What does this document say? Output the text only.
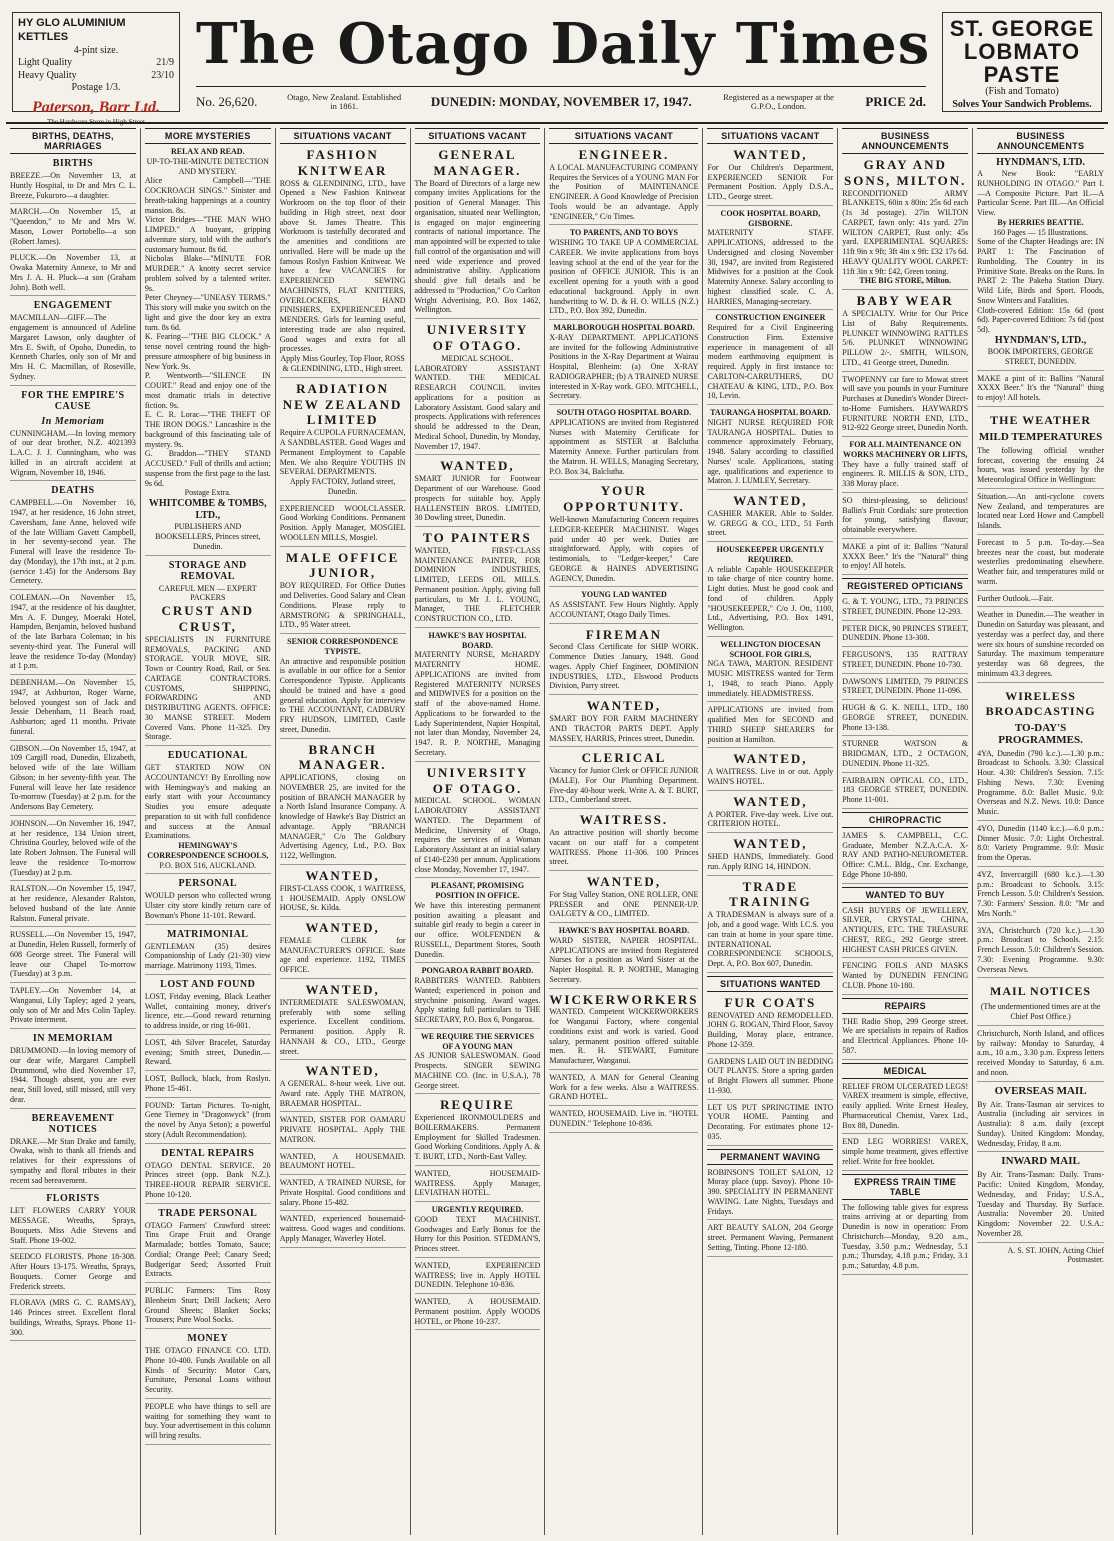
HY GLO ALUMINIUM KETTLES
4-pint size.
Light Quality	21/9
Heavy Quality	23/10
Postage 1/3.
Paterson, Barr Ltd.
The Hardware Store in High Street
The Otago Daily Times
No. 26,620.	Otago, New Zealand. Established in 1861.	DUNEDIN: MONDAY, NOVEMBER 17, 1947.	Registered as a newspaper at the G.P.O., London.	PRICE 2d.
ST. GEORGE
LOBMATO
PASTE
(Fish and Tomato)
Solves Your Sandwich Problems.
BIRTHS, DEATHS, MARRIAGES
BIRTHS
BREEZE.—On November 13, at Huntly Hospital, to Dr and Mrs C. L. Breeze, Fukuroro—a daughter.
MARCH.—On November 15, at "Queendon," to Mr and Mrs W. Mason, Lower Portobello—a son (Robert James).
PLUCK.—On November 13, at Owaka Maternity Annexe, to Mr and Mrs J. A. H. Pluck—a son (Graham John). Both well.
ENGAGEMENT
MACMILLAN—GIFF.—The engagement is announced of Adeline Margaret Lawson, only daughter of Mrs E. Swift, of Opoho, Dunedin, to Kenneth Charles, only son of Mr and Mrs H. C. Macmillan, of Roseville, Sydney.
FOR THE EMPIRE'S CAUSE
In Memoriam
CUNNINGHAM.—In loving memory of our dear brother, N.Z. 4021393 L.A.C. J. J. Cunningham, who was killed in an aircraft accident at Wigram, November 18, 1946.
DEATHS
CAMPBELL.—On November 16, 1947, at her residence, 16 John street, Caversham, Jane Anne, beloved wife of the late William Gavett Campbell, in her seventy-second year. The Funeral will leave the residence To-day (Monday), the 17th inst., at 2 p.m. (service 1.45) for the Andersons Bay Cemetery.
COLEMAN.—On November 15, 1947, at the residence of his daughter, Mrs A. F. Dungey, Moeraki Hotel, Hampden, Benjamin, beloved husband of the late Barbara Coleman; in his seventy-third year. The Funeral will leave the residence To-day (Monday) at 1 p.m.
DEBENHAM.—On November 15, 1947, at Ashburton, Roger Warne, beloved youngest son of Jack and Jessie Debenham, 11 Beach road, Ashburton; aged 11 months. Private funeral.
GIBSON.—On November 15, 1947, at 109 Cargill road, Dunedin, Elizabeth, beloved wife of the late William Gibson; in her seventy-fifth year. The Funeral will leave her late residence To-morrow (Tuesday) at 2 p.m. for the Andersons Bay Cemetery.
JOHNSON.—On November 16, 1947, at her residence, 134 Union street, Christina Gourley, beloved wife of the late Robert Johnson. The Funeral will leave the residence To-morrow (Tuesday) at 2 p.m.
RALSTON.—On November 15, 1947, at her residence, Alexander Ralston, beloved husband of the late Annie Ralston. Funeral private.
RUSSELL.—On November 15, 1947, at Dunedin, Helen Russell, formerly of 608 George street. The Funeral will leave our Chapel To-morrow (Tuesday) at 3 p.m.
TAPLEY.—On November 14, at Wanganui, Lily Tapley; aged 2 years, only son of Mr and Mrs Colin Tapley. Private interment.
IN MEMORIAM
DRUMMOND.—In loving memory of our dear wife, Margaret Campbell Drummond, who died November 17, 1944. Though absent, you are ever near, Still loved, still missed, still very dear.
BEREAVEMENT NOTICES
DRAKE.—Mr Stan Drake and family, Owaka, wish to thank all friends and relatives for their expressions of sympathy and floral tributes in their recent sad bereavement.
FLORISTS
LET FLOWERS CARRY YOUR MESSAGE. Wreaths, Sprays, Bouquets. Miss Adie Stevens and Staff. Phone 19-002.
SEEDCO FLORISTS. Phone 18-308. After Hours 13-175. Wreaths, Sprays, Bouquets. Corner George and Frederick streets.
FLORAVA (MRS G. C. RAMSAY), 146 Princes street. Excellent floral buildings, Wreaths, Sprays. Phone 11-300.
MORE MYSTERIES
RELAX AND READ.
UP-TO-THE-MINUTE DETECTION AND MYSTERY.
Alice Campbell—"THE COCKROACH SINGS." Sinister and breath-taking happenings at a country mansion. 8s.
Victor Bridges—"THE MAN WHO LIMPED." A buoyant, gripping adventure story, told with the author's customary humour. 8s 6d.
Nicholas Blake—"MINUTE FOR MURDER." A knotty secret service problem solved by a talented writer. 9s.
Peter Cheyney—"UNEASY TERMS." This story will make you switch on the light and give the door key an extra turn. 8s 6d.
K. Fearing—"THE BIG CLOCK." A tense novel centring round the high-pressure atmosphere of big business in New York. 9s.
P. Wentworth—"SILENCE IN COURT." Read and enjoy one of the most dramatic trials in detective fiction. 9s.
E. C. R. Lorac—"THE THEFT OF THE IRON DOGS." Lancashire is the background of this fascinating tale of mystery. 9s.
G. Braddon—"THEY STAND ACCUSED." Full of thrills and action; suspense from the first page to the last. 9s 6d.
Postage Extra.
WHITCOMBE & TOMBS, LTD.,
PUBLISHERS AND BOOKSELLERS, Princes street, Dunedin.
STORAGE AND REMOVAL
CAREFUL MEN — EXPERT PACKERS
CRUST AND CRUST,
SPECIALISTS IN FURNITURE REMOVALS, PACKING AND STORAGE. YOUR MOVE, SIR. Town or Country Road, Rail, or Sea. CARTAGE CONTRACTORS. CUSTOMS, SHIPPING, FORWARDING AND DISTRIBUTING AGENTS. OFFICE: 30 MANSE STREET. Modern Covered Vans. Phone 11-325. Dry Storage.
EDUCATIONAL
GET STARTED NOW ON ACCOUNTANCY! By Enrolling now with Hemingway's and making an early start with your Accountancy Studies you ensure adequate preparation to sit with full confidence and success at the Annual Examinations.
HEMINGWAY'S CORRESPONDENCE SCHOOLS,
P.O. BOX 516, AUCKLAND.
PERSONAL
WOULD person who collected wrong Ulster city store kindly return care of Bowman's Phone 11-101. Reward.
MATRIMONIAL
GENTLEMAN (35) desires Companionship of Lady (21-30) view marriage. Matrimony 1193, Times.
LOST AND FOUND
LOST, Friday evening, Black Leather Wallet, containing money, driver's licence, etc.—Good reward returning to address inside, or ring 16-001.
LOST, 4th Silver Bracelet, Saturday evening; Smith street, Dunedin.—Reward.
LOST, Bullock, black, from Roslyn. Phone 15-461.
FOUND: Tartan Pictures. To-night, Gene Tierney in "Dragonwyck" (from the novel by Anya Seton); a powerful story (Adult Recommendation).
DENTAL REPAIRS
OTAGO DENTAL SERVICE. 20 Princes street (opp. Bank N.Z.). THREE-HOUR REPAIR SERVICE. Phone 10-120.
TRADE PERSONAL
OTAGO Farmers' Crawford street: Tins Grape Fruit and Orange Marmalade; bottles Tomato, Sauce; Cordial; Orange Peel; Canary Seed; Budgerigar Seed; Assorted Fruit Extracts.
PUBLIC Farmers: Tins Rosy Blenheim Sturt; Drill Jackets; Aero Ground Sheets; Blanket Socks; Trousers; Pure Wool Socks.
MONEY
THE OTAGO FINANCE CO. LTD. Phone 10-400. Funds Available on all Kinds of Security: Motor Cars, Furniture, Personal Loans without Security.
PEOPLE who have things to sell are waiting for something they want to buy. Your advertisement in this column will bring results.
SITUATIONS VACANT
FASHION KNITWEAR
ROSS & GLENDINING, LTD., have Opened a New Fashion Knitwear Workroom on the top floor of their building in High street, next door above St. James Theatre. This Workroom is tastefully decorated and the amenities and conditions are unrivalled. Here will be made up the famous Roslyn Fashion Knitwear. We have a few VACANCIES for EXPERIENCED SEWING MACHINISTS, FLAT KNITTERS, OVERLOCKERS, HAND FINISHERS, EXPERIENCED and MENDERS. Girls for learning useful, interesting trade are also required. Good wages and extra for all processes.
Apply Miss Gourley, Top Floor, ROSS & GLENDINING, LTD., High street.
RADIATION NEW ZEALAND LIMITED
Require A CUPOLA FURNACEMAN, A SANDBLASTER. Good Wages and Permanent Employment to Capable Men. We also Require YOUTHS IN SEVERAL DEPARTMENTS.
Apply FACTORY, Jutland street, Dunedin.
EXPERIENCED WOOLCLASSER. Good Working Conditions. Permanent Position. Apply Manager, MOSGIEL WOOLLEN MILLS, Mosgiel.
MALE OFFICE JUNIOR,
BOY REQUIRED. For Office Duties and Deliveries. Good Salary and Clean Conditions. Please reply to ARMSTRONG & SPRINGHALL, LTD., 95 Water street.
SENIOR CORRESPONDENCE TYPISTE.
An attractive and responsible position is available in our office for a Senior Correspondence Typiste. Applicants should be trained and have a good general education. Apply for interview to THE ACCOUNTANT, CADBURY FRY HUDSON, LIMITED, Castle street, Dunedin.
BRANCH MANAGER.
APPLICATIONS, closing on NOVEMBER 25, are invited for the position of BRANCH MANAGER by a North Island Insurance Company. A knowledge of Hawke's Bay District an advantage. Apply "BRANCH MANAGER," C/o The Goldbury Advertising Agency, Ltd., P.O. Box 1122, Wellington.
WANTED,
FIRST-CLASS COOK, 1 WAITRESS, 1 HOUSEMAID. Apply ONSLOW HOUSE, St. Kilda.
WANTED,
FEMALE CLERK for MANUFACTURER'S OFFICE. State age and experience. 1192, TIMES OFFICE.
WANTED,
INTERMEDIATE SALESWOMAN, preferably with some selling experience. Excellent conditions. Permanent position. Apply R. HANNAH & CO., LTD., George street.
WANTED,
A GENERAL. 8-hour week. Live out. Award rate. Apply THE MATRON, BRAEMAR HOSPITAL.
WANTED, SISTER FOR OAMARU PRIVATE HOSPITAL. Apply THE MATRON.
WANTED, A HOUSEMAID. BEAUMONT HOTEL.
WANTED, A TRAINED NURSE, for Private Hospital. Good conditions and salary. Phone 15-482.
WANTED, experienced housemaid-waitress. Good wages and conditions. Apply Manager, Waverley Hotel.
SITUATIONS VACANT
GENERAL MANAGER.
The Board of Directors of a large new company invites Applications for the position of General Manager. This organisation, situated near Wellington, is engaged on major engineering contracts of national importance. The man appointed will be expected to take full control of the organisation and will need wide experience and proved administrative ability. Applications should give full details and be addressed to "Production," C/o Carlton Wright Advertising, P.O. Box 1462, Wellington.
UNIVERSITY OF OTAGO.
MEDICAL SCHOOL.
LABORATORY ASSISTANT WANTED. THE MEDICAL RESEARCH COUNCIL invites applications for a position as Laboratory Assistant. Good salary and prospects. Applications with references should be addressed to the Dean, Medical School, Dunedin, by Monday, November 17, 1947.
WANTED,
SMART JUNIOR for Footwear Department of our Warehouse. Good prospects for suitable boy. Apply HALLENSTEIN BROS. LIMITED, 30 Dowling street, Dunedin.
TO PAINTERS
WANTED, FIRST-CLASS MAINTENANCE PAINTER, FOR DOMINION INDUSTRIES, LIMITED, LEEDS OIL MILLS. Permanent position. Apply, giving full particulars, to Mr J. L. YOUNG, Manager, THE FLETCHER CONSTRUCTION CO., LTD.
HAWKE'S BAY HOSPITAL BOARD.
MATERNITY NURSE, McHARDY MATERNITY HOME. APPLICATIONS are invited from Registered MATERNITY NURSES and MIDWIVES for a position on the staff of the above-named Home. Applications to be forwarded to the Lady Superintendent, Napier Hospital, not later than Monday, November 24, 1947. R. P. NORTHE, Managing Secretary.
UNIVERSITY OF OTAGO.
MEDICAL SCHOOL. WOMAN LABORATORY ASSISTANT WANTED. The Department of Medicine, University of Otago, requires the services of a Woman Laboratory Assistant at an initial salary of £140-£230 per annum. Applications close Monday, November 17, 1947.
PLEASANT, PROMISING POSITION IN OFFICE.
We have this interesting permanent position awaiting a pleasant and suitable girl ready to begin a career in our office. WOLFENDEN & RUSSELL, Department Stores, South Dunedin.
PONGAROA RABBIT BOARD.
RABBITERS WANTED. Rabbiters Wanted; experienced in poison and strychnine poisoning. Award wages. Apply stating full particulars to THE SECRETARY, P.O. Box 6, Pongaroa.
WE REQUIRE THE SERVICES OF A YOUNG MAN
AS JUNIOR SALESWOMAN. Good Prospects. SINGER SEWING MACHINE CO. (Inc. in U.S.A.), 78 George street.
REQUIRE
Experienced IRONMOULDERS and BOILERMAKERS. Permanent Employment for Skilled Tradesmen. Good Working Conditions. Apply A. & T. BURT, LTD., North-East Valley.
WANTED, HOUSEMAID-WAITRESS. Apply Manager, LEVIATHAN HOTEL.
URGENTLY REQUIRED.
GOOD TEXT MACHINIST. Goodwages and Early Bonus for the Hurry for this Position. STEDMAN'S, Princes street.
WANTED, EXPERIENCED WAITRESS; live in. Apply HOTEL DUNEDIN. Telephone 10-836.
WANTED, A HOUSEMAID. Permanent position. Apply WOODS HOTEL, or Phone 10-237.
SITUATIONS VACANT
ENGINEER.
A LOCAL MANUFACTURING COMPANY Requires the Services of a YOUNG MAN For the Position of MAINTENANCE ENGINEER. A Good Knowledge of Precision Tools would be an advantage. Apply "ENGINEER," C/o Times.
TO PARENTS, AND TO BOYS
WISHING TO TAKE UP A COMMERCIAL CAREER. We invite applications from boys leaving school at the end of the year for the position of OFFICE JUNIOR. This is an excellent opening for a youth with a good educational background. Apply in own handwriting to W. D. & H. O. WILLS (N.Z.) LTD., P.O. Box 392, Dunedin.
MARLBOROUGH HOSPITAL BOARD.
X-RAY DEPARTMENT. APPLICATIONS are invited for the following Administrative Positions in the X-Ray Department at Wairau Hospital, Blenheim: (a) One X-RAY RADIOGRAPHER; (b) A TRAINED NURSE interested in X-Ray work. GEO. MITCHELL, Secretary.
SOUTH OTAGO HOSPITAL BOARD.
APPLICATIONS are invited from Registered Nurses with Maternity Certificate for appointment as SISTER at Balclutha Maternity Annexe. Further particulars from the Matron. H. WELLS, Managing Secretary, P.O. Box 34, Balclutha.
YOUR OPPORTUNITY.
Well-known Manufacturing Concern requires LEDGER-KEEPER MACHINIST. Wages paid under 40 per week. Duties are straightforward. Apply, with copies of testimonials, to "Ledger-keeper," Care GEORGE & HAINES ADVERTISING AGENCY, Dunedin.
YOUNG LAD WANTED
AS ASSISTANT. Few Hours Nightly. Apply ACCOUNTANT, Otago Daily Times.
FIREMAN
Second Class Certificate for SHIP WORK. Commence Duties January, 1948. Good wages. Apply Chief Engineer, DOMINION INDUSTRIES, LTD., Elswood Products Division, Parry street.
WANTED,
SMART BOY FOR FARM MACHINERY AND TRACTOR PARTS DEPT. Apply MASSEY, HARRIS, Princes street, Dunedin.
CLERICAL
Vacancy for Junior Clerk or OFFICE JUNIOR (MALE). For Our Plumbing Department. Five-day 40-hour week. Write A. & T. BURT, LTD., Cumberland street.
WAITRESS.
An attractive position will shortly become vacant on our staff for a competent WAITRESS. Phone 11-306. 100 Princes street.
WANTED,
For Stag Valley Station, ONE ROLLER, ONE PRESSER and ONE PENNER-UP. OALGETY & CO., LIMITED.
HAWKE'S BAY HOSPITAL BOARD.
WARD SISTER, NAPIER HOSPITAL. APPLICATIONS are invited from Registered Nurses for a position as Ward Sister at the Napier Hospital. R. P. NORTHE, Managing Secretary.
WICKERWORKERS
WANTED. Competent WICKERWORKERS for Wanganui Factory, where congenial conditions exist and work is varied. Good salary, permanent position offered suitable men. R. H. STEWART, Furniture Manufacturer, Wanganui.
WANTED, A MAN for General Cleaning Work for a few weeks. Also a WAITRESS. GRAND HOTEL.
WANTED, HOUSEMAID. Live in. "HOTEL DUNEDIN." Telephone 10-836.
SITUATIONS VACANT
WANTED,
For Our Children's Department, EXPERIENCED SENIOR For Permanent Position. Apply D.S.A., LTD., George street.
COOK HOSPITAL BOARD, GISBORNE.
MATERNITY STAFF. APPLICATIONS, addressed to the Undersigned and closing November 30, 1947, are invited from Registered Midwives for a position at the Cook Maternity Annexe. Salary according to highest classified scale. C. A. HARRIES, Managing-secretary.
CONSTRUCTION ENGINEER
Required for a Civil Engineering Construction Firm. Extensive experience in management of all modern earthmoving equipment is required. Apply in first instance to: CARLTON-CARRUTHERS, DU CHATEAU & KING, LTD., P.O. Box 10, Levin.
TAURANGA HOSPITAL BOARD.
NIGHT NURSE REQUIRED FOR TAURANGA HOSPITAL. Duties to commence approximately February, 1948. Salary according to classified Nurses' scale. Applications, stating age, qualifications and experience to Matron. J. LUMLEY, Secretary.
WANTED,
CASHIER MAKER. Able to Solder. W. GREGG & CO., LTD., 51 Forth street.
HOUSEKEEPER URGENTLY REQUIRED.
A reliable Capable HOUSEKEEPER to take charge of nice country home. Light duties. Must be good cook and fond of children. Apply "HOUSEKEEPER," C/o J. Ott, 1100, Ltd., Advertising, P.O. Box 1491, Wellington.
WELLINGTON DIOCESAN SCHOOL FOR GIRLS,
NGA TAWA, MARTON. RESIDENT MUSIC MISTRESS wanted for Term 1, 1948, to teach Piano. Apply immediately. HEADMISTRESS.
APPLICATIONS are invited from qualified Men for SECOND and THIRD SHEEP SHEARERS for position at Hamilton.
WANTED,
A WAITRESS. Live in or out. Apply WAIN'S HOTEL.
WANTED,
A PORTER. Five-day week. Live out. CRITERION HOTEL.
WANTED,
SHED HANDS, Immediately. Good run. Apply RING 14, HINDON.
TRADE TRAINING
A TRADESMAN is always sure of a job, and a good wage. With I.C.S. you can train at home in your spare time. INTERNATIONAL CORRESPONDENCE SCHOOLS, Dept. A, P.O. Box 607, Dunedin.
SITUATIONS WANTED
FUR COATS
RENOVATED AND REMODELLED. JOHN G. ROGAN, Third Floor, Savoy Building, Moray place, entrance. Phone 12-359.
GARDENS LAID OUT IN BEDDING OUT PLANTS. Store a spring garden of Bright Flowers all summer. Phone 11-930.
LET US PUT SPRINGTIME INTO YOUR HOME. Painting and Decorating. For estimates phone 12-035.
PERMANENT WAVING
ROBINSON'S TOILET SALON, 12 Moray place (upp. Savoy). Phone 10-390. SPECIALITY IN PERMANENT WAVING. Late Nights, Tuesdays and Fridays.
ART BEAUTY SALON, 204 George street. Permanent Waving, Permanent Setting, Tinting. Phone 12-180.
BUSINESS ANNOUNCEMENTS
GRAY AND SONS, MILTON.
RECONDITIONED ARMY BLANKETS, 60in x 80in: 25s 6d each (1s 3d postage). 27in WILTON CARPET, fawn only: 41s yard. 27in WILTON CARPET, Rust only: 45s yard. EXPERIMENTAL SQUARES: 11ft 9in x 9ft; 3ft 4in x 9ft: £32 17s 6d. HEAVY QUALITY WOOL CARPET: 11ft 3in x 9ft: £42, Green toning.
THE BIG STORE, Milton.
BABY WEAR
A SPECIALTY. Write for Our Price List of Baby Requirements. PLUNKET WINNOWING RATTLES 5/6. PLUNKET WINNOWING PILLOW 2/-. SMITH, WILSON, LTD., 41 George street, Dunedin.
TWOPENNY car fare to Mowat street will save you pounds in your Furniture Purchases at Dunedin's Wonder Direct-to-Home Furnishers. HAYWARD'S FURNITURE NORTH END, LTD., 912-922 George street, Dunedin North.
FOR ALL MAINTENANCE ON WORKS MACHINERY OR LIFTS,
They have a fully trained staff of engineers. R. MILLIS & SON, LTD., 338 Moray place.
SO thirst-pleasing, so delicious! Ballin's Fruit Cordials: sure protection for young, satisfying flavour; obtainable everywhere.
MAKE a pint of it: Ballins "Natural XXXX Beer." It's the "Natural" thing to enjoy! All hotels.
REGISTERED OPTICIANS
G. & T. YOUNG, LTD., 73 PRINCES STREET, DUNEDIN. Phone 12-293.
PETER DICK, 90 PRINCES STREET, DUNEDIN. Phone 13-308.
FERGUSON'S, 135 RATTRAY STREET, DUNEDIN. Phone 10-730.
DAWSON'S LIMITED, 79 PRINCES STREET, DUNEDIN. Phone 11-096.
HUGH & G. K. NEILL, LTD., 180 GEORGE STREET, DUNEDIN. Phone 13-138.
STURNER WATSON & BRIDGMAN, LTD., 2 OCTAGON, DUNEDIN. Phone 11-325.
FAIRBAIRN OPTICAL CO., LTD., 183 GEORGE STREET, DUNEDIN. Phone 11-001.
CHIROPRACTIC
JAMES S. CAMPBELL, C.C. Graduate, Member N.Z.A.C.A. X-RAY AND PATHO-NEUROMETER. Office: C.M.L. Bldg., Cnr. Exchange, Edge Phone 10-880.
WANTED TO BUY
CASH BUYERS OF JEWELLERY, SILVER, CRYSTAL, CHINA, ANTIQUES, ETC. THE TREASURE CHEST, REG., 292 George street. HIGHEST CASH PRICES GIVEN.
FENCING FOILS AND MASKS Wanted by DUNEDIN FENCING CLUB. Phone 10-180.
REPAIRS
THE Radio Shop, 299 George street. We are specialists in repairs of Radios and Electrical Appliances. Phone 10-587.
MEDICAL
RELIEF FROM ULCERATED LEGS! VAREX treatment is simple, effective, easily applied. Write Ernest Healey, Pharmaceutical Chemist, Varex Ltd., Box 88, Dunedin.
END LEG WORRIES! VAREX, simple home treatment, gives effective relief. Write for free booklet.
EXPRESS TRAIN TIME TABLE
The following table gives for express trains arriving at or departing from Dunedin is now in operation: From Christchurch—Monday, 9.20 a.m., Tuesday, 3.50 p.m.; Wednesday, 5.1 p.m.; Thursday, 4.18 p.m.; Friday, 3.1 p.m.; Saturday, 4.8 p.m.
BUSINESS ANNOUNCEMENTS
HYNDMAN'S, LTD.
A New Book: "EARLY RUNHOLDING IN OTAGO." Part I.—A Composite Picture. Part II.—A Particular Scene. Part III.—An Official View.
By HERRIES BEATTIE.
160 Pages — 15 Illustrations.
Some of the Chapter Headings are: IN PART 1: The Fascination of Runholding. The Country in its Primitive State. Breaks on the Runs. In PART 2: The Pakeha Station Diary. Wild Life, Birds and Sport. Floods, Snow Winters and Fatalities.
Cloth-covered Edition: 15s 6d (post 6d). Paper-covered Edition: 7s 6d (post 5d).
HYNDMAN'S, LTD.,
BOOK IMPORTERS, GEORGE STREET, DUNEDIN.
MAKE a pint of it: Ballins "Natural XXXX Beer." It's the "Natural" thing to enjoy! All hotels.
THE WEATHER
MILD TEMPERATURES
The following official weather forecast, covering the ensuing 24 hours, was issued yesterday by the Meteorological Office in Wellington:
Situation.—An anti-cyclone covers New Zealand, and temperatures are located near Lord Howe and Campbell Islands.
Forecast to 5 p.m. To-day.—Sea breezes near the coast, but moderate westerlies predominating elsewhere. Weather fair, and temperatures mild or warm.
Further Outlook.—Fair.
Weather in Dunedin.—The weather in Dunedin on Saturday was pleasant, and yesterday was a perfect day, and there were six hours of sunshine recorded on Saturday. The maximum temperature yesterday was 68 degrees, the minimum 43.3 degrees.
WIRELESS BROADCASTING
TO-DAY'S PROGRAMMES.
4YA, Dunedin (790 k.c.).—1.30 p.m.: Broadcast to Schools. 3.30: Classical Hour. 4.30: Children's Session. 7.15: Fishing News. 7.30: Evening Programme. 8.0: Ballet Music. 9.0: Overseas and N.Z. News. 10.0: Dance Music.
4YO, Dunedin (1140 k.c.).—6.0 p.m.: Dinner Music. 7.0: Light Orchestral. 8.0: Variety Programme. 9.0: Music from the Operas.
4YZ, Invercargill (680 k.c.).—1.30 p.m.: Broadcast to Schools. 3.15: French Lesson. 5.0: Children's Session. 7.30: Farmers' Session. 8.0: "Mr and Mrs North."
3YA, Christchurch (720 k.c.).—1.30 p.m.: Broadcast to Schools. 2.15: French Lesson. 5.0: Children's Session. 7.30: Evening Programme. 9.30: Overseas News.
MAIL NOTICES
(The undermentioned times are at the Chief Post Office.)
Christchurch, North Island, and offices by railway: Monday to Saturday, 4 a.m., 10 a.m., 3.30 p.m. Express letters received Monday to Saturday, 6 a.m. and noon.
OVERSEAS MAIL
By Air. Trans-Tasman air services to Australia (including air services in Australia): 8 a.m. daily (except Sunday). United Kingdom: Monday, Wednesday, Friday, 8 a.m.
INWARD MAIL
By Air. Trans-Tasman: Daily. Trans-Pacific: United Kingdom, Monday, Wednesday, and Friday; U.S.A., Tuesday and Thursday. By Surface. Australia: November 20. United Kingdom: November 22. U.S.A.: November 28.
A. S. ST. JOHN, Acting Chief Postmaster.
